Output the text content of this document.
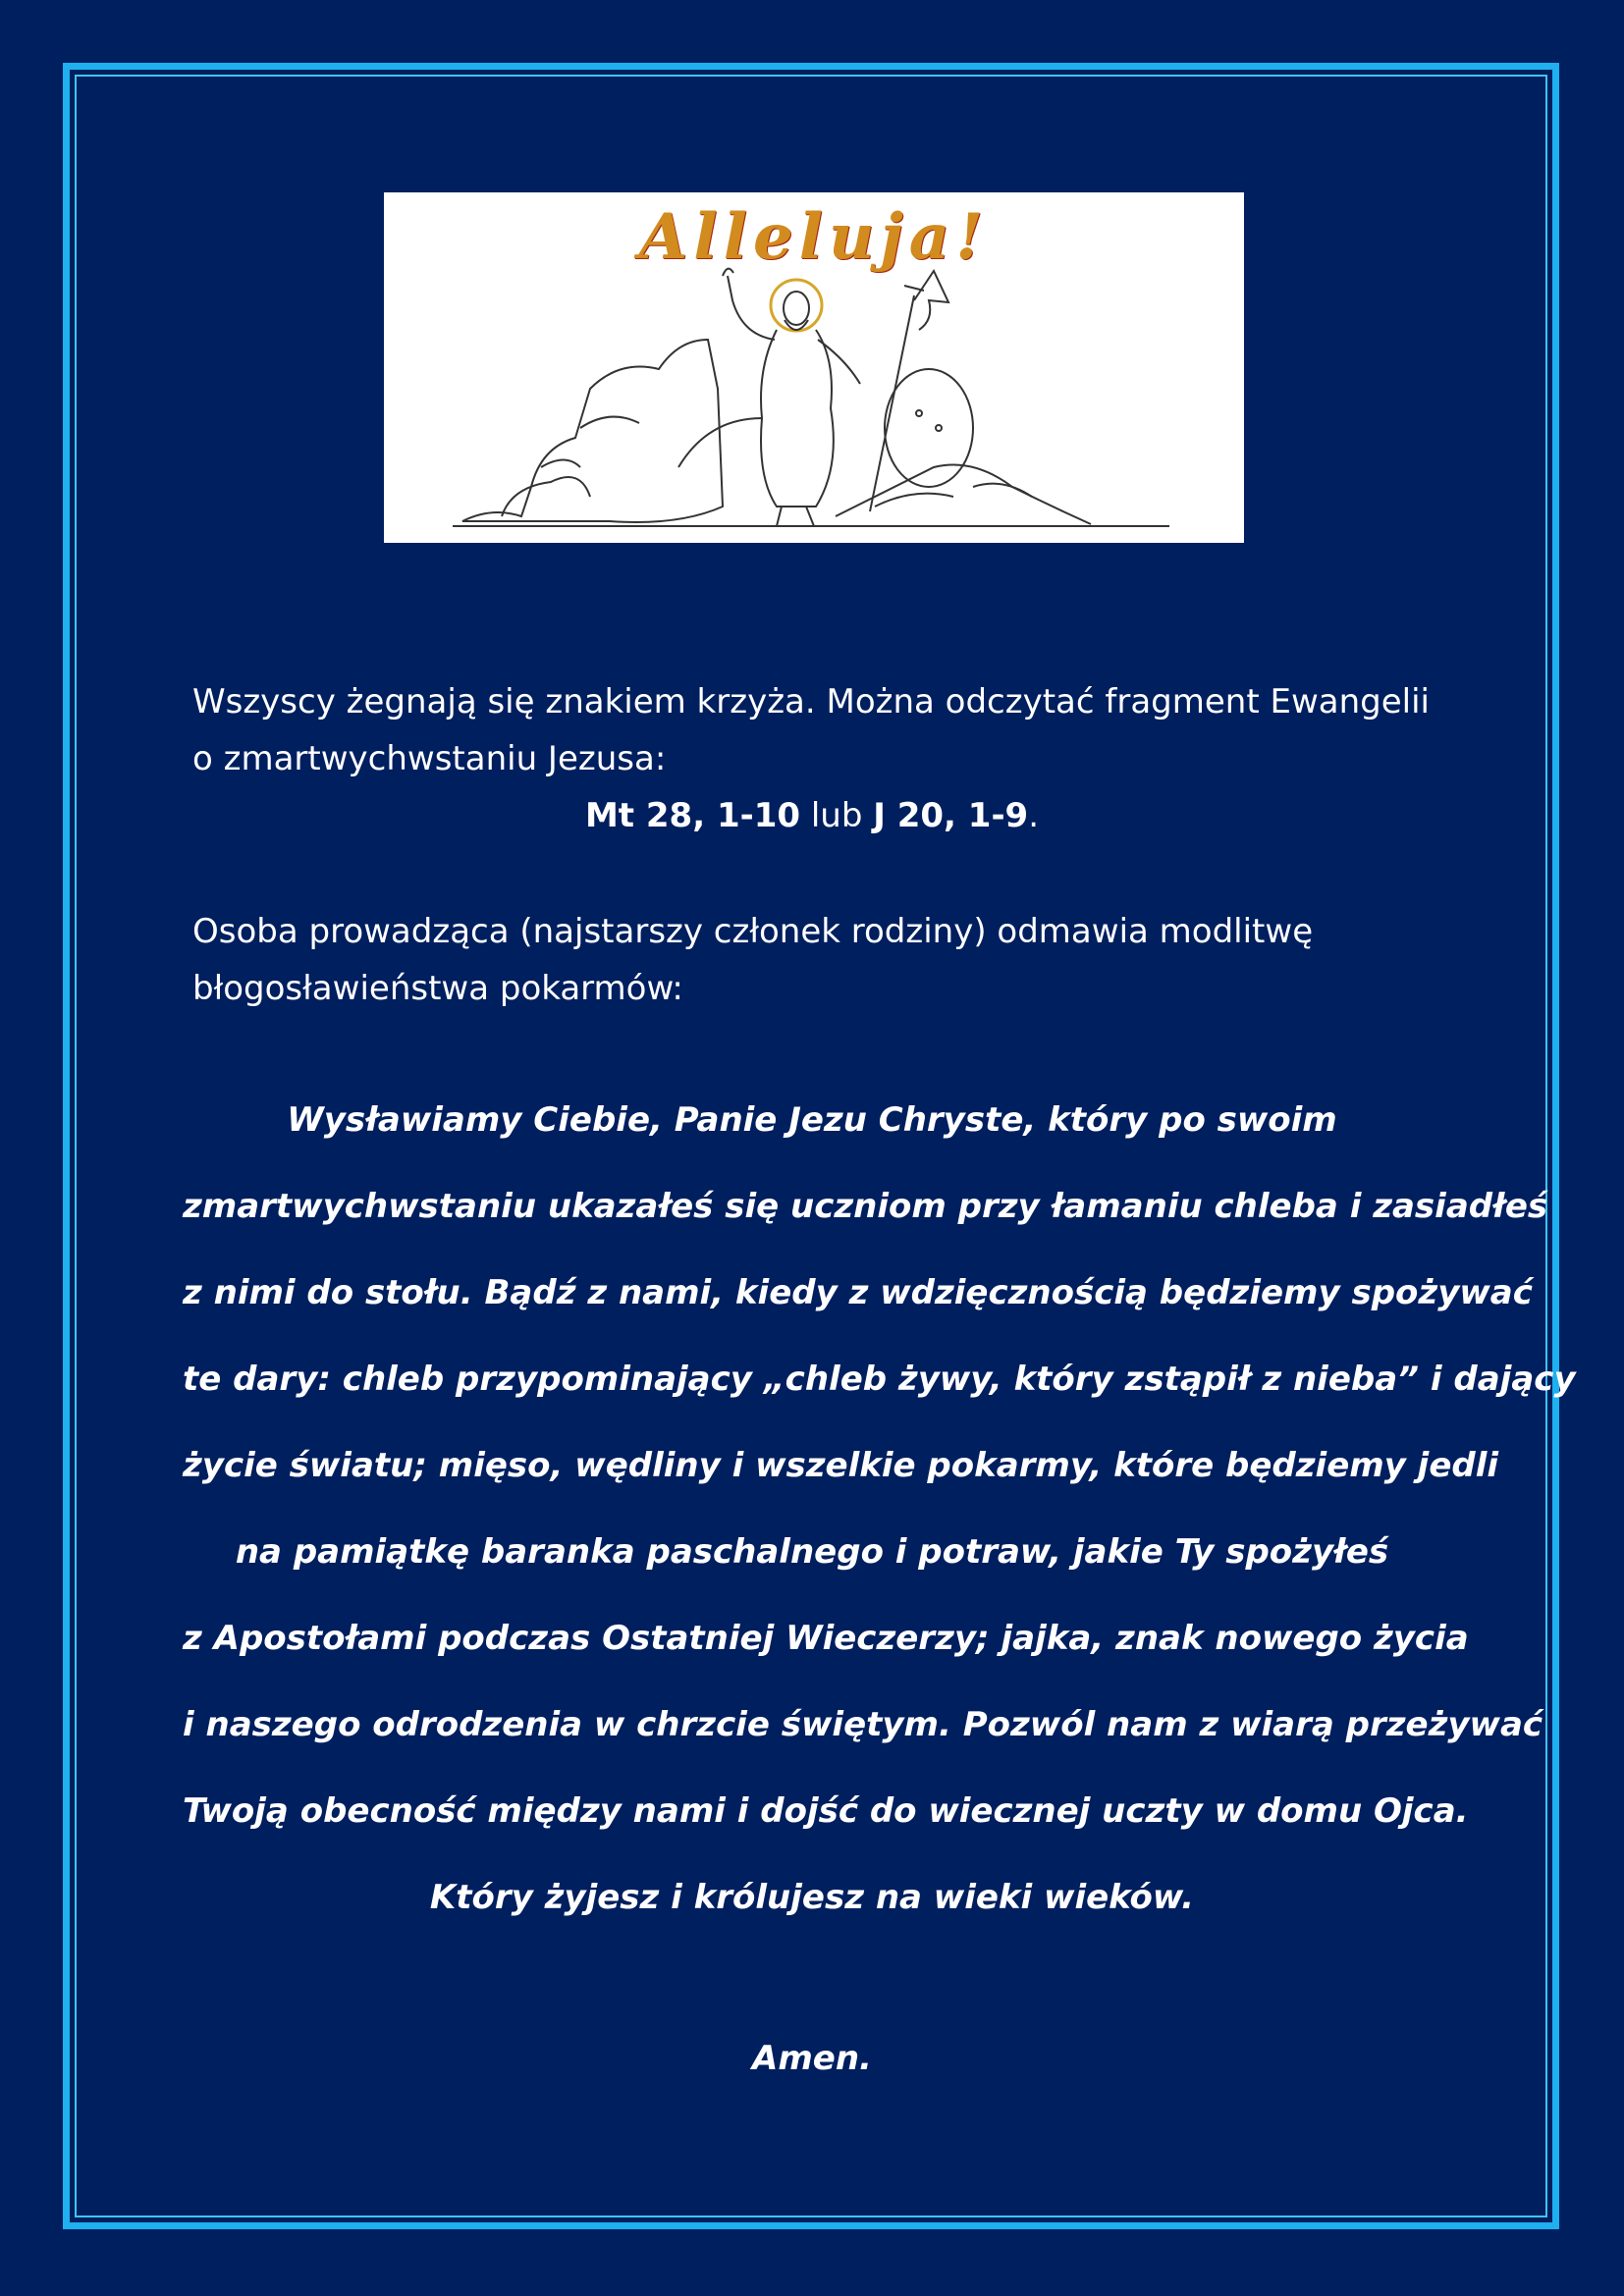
Alleluja!
Wszyscy żegnają się znakiem krzyża. Można odczytać fragment Ewangelii
o zmartwychwstaniu Jezusa:
Mt 28, 1-10 lub J 20, 1-9.
Osoba prowadząca (najstarszy członek rodziny) odmawia modlitwę
błogosławieństwa pokarmów:
Wysławiamy Ciebie, Panie Jezu Chryste, który po swoim
zmartwychwstaniu ukazałeś się uczniom przy łamaniu chleba i zasiadłeś
z nimi do stołu. Bądź z nami, kiedy z wdzięcznością będziemy spożywać
te dary: chleb przypominający „chleb żywy, który zstąpił z nieba” i dający
życie światu; mięso, wędliny i wszelkie pokarmy, które będziemy jedli
na pamiątkę baranka paschalnego i potraw, jakie Ty spożyłeś
z Apostołami podczas Ostatniej Wieczerzy; jajka, znak nowego życia
i naszego odrodzenia w chrzcie świętym. Pozwól nam z wiarą przeżywać
Twoją obecność między nami i dojść do wiecznej uczty w domu Ojca.
Który żyjesz i królujesz na wieki wieków.
Amen.
